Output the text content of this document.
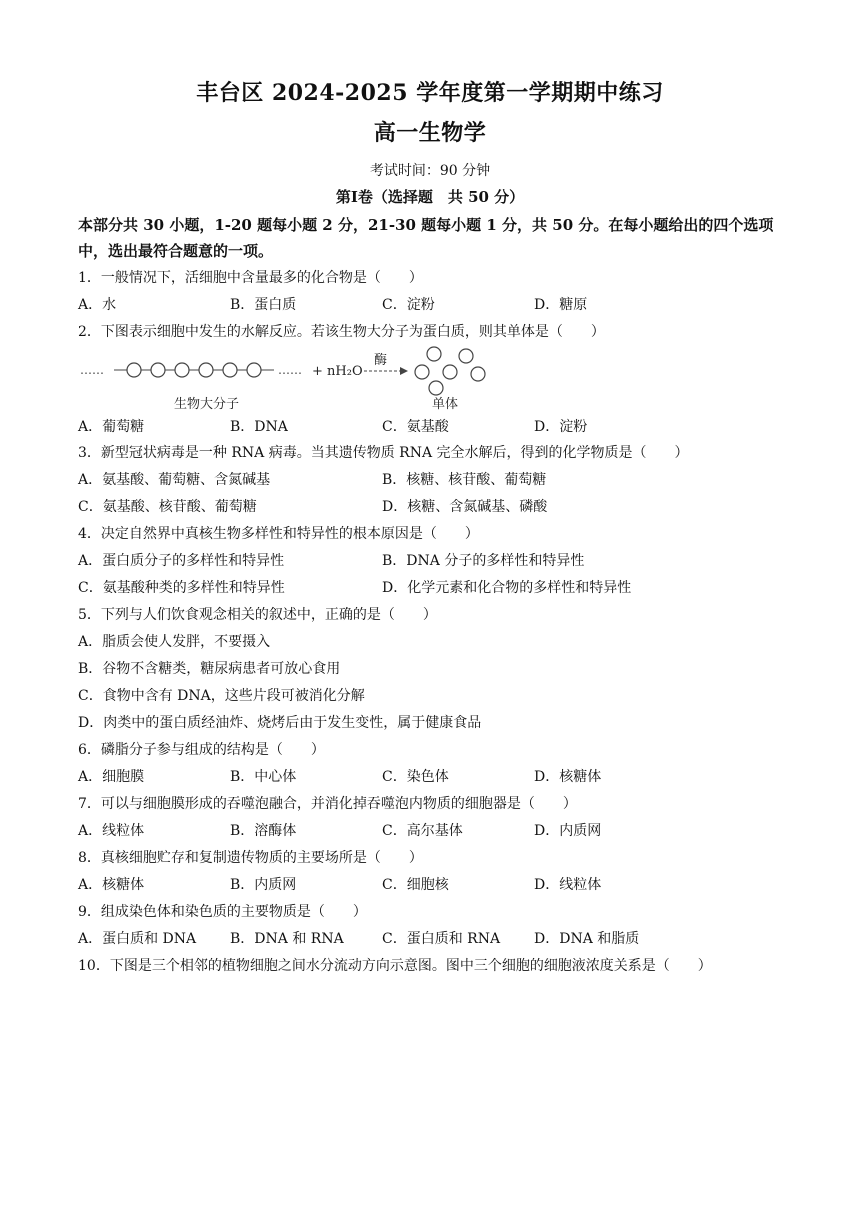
丰台区 2024-2025 学年度第一学期期中练习
高一生物学
考试时间：90 分钟
第Ⅰ卷（选择题　共 50 分）
本部分共 30 小题，1-20 题每小题 2 分，21-30 题每小题 1 分，共 50 分。在每小题给出的四个选项中，选出最符合题意的一项。
1．一般情况下，活细胞中含量最多的化合物是（　　）
A．水	B．蛋白质	C．淀粉	D．糖原
2．下图表示细胞中发生的水解反应。若该生物大分子为蛋白质，则其单体是（　　）
……	…… + nH₂O
酶
生物大分子	单体
A．葡萄糖	B．DNA	C．氨基酸	D．淀粉
3．新型冠状病毒是一种 RNA 病毒。当其遗传物质 RNA 完全水解后，得到的化学物质是（　　）
A．氨基酸、葡萄糖、含氮碱基	B．核糖、核苷酸、葡萄糖
C．氨基酸、核苷酸、葡萄糖	D．核糖、含氮碱基、磷酸
4．决定自然界中真核生物多样性和特异性的根本原因是（　　）
A．蛋白质分子的多样性和特异性	B．DNA 分子的多样性和特异性
C．氨基酸种类的多样性和特异性	D．化学元素和化合物的多样性和特异性
5．下列与人们饮食观念相关的叙述中，正确的是（　　）
A．脂质会使人发胖，不要摄入
B．谷物不含糖类，糖尿病患者可放心食用
C．食物中含有 DNA，这些片段可被消化分解
D．肉类中的蛋白质经油炸、烧烤后由于发生变性，属于健康食品
6．磷脂分子参与组成的结构是（　　）
A．细胞膜	B．中心体	C．染色体	D．核糖体
7．可以与细胞膜形成的吞噬泡融合，并消化掉吞噬泡内物质的细胞器是（　　）
A．线粒体	B．溶酶体	C．高尔基体	D．内质网
8．真核细胞贮存和复制遗传物质的主要场所是（　　）
A．核糖体	B．内质网	C．细胞核	D．线粒体
9．组成染色体和染色质的主要物质是（　　）
A．蛋白质和 DNA B．DNA 和 RNA	C．蛋白质和 RNA D．DNA 和脂质
10．下图是三个相邻的植物细胞之间水分流动方向示意图。图中三个细胞的细胞液浓度关系是（　　）
